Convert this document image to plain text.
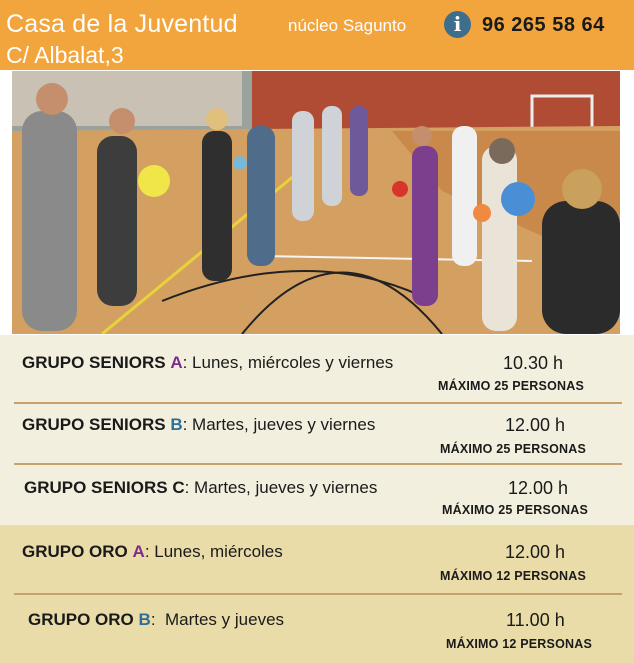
Casa de la Juventud	núcleo Sagunto
C/ Albalat,3
i	96 265 58 64
GRUPO SENIORS A: Lunes, miércoles y viernes	10.30 h
MÁXIMO 25 PERSONAS
GRUPO SENIORS B: Martes, jueves y viernes	12.00 h
MÁXIMO 25 PERSONAS
GRUPO SENIORS C: Martes, jueves y viernes	12.00 h
MÁXIMO 25 PERSONAS
GRUPO ORO A: Lunes, miércoles	12.00 h
MÁXIMO 12 PERSONAS
GRUPO ORO B:  Martes y jueves	11.00 h
MÁXIMO 12 PERSONAS
